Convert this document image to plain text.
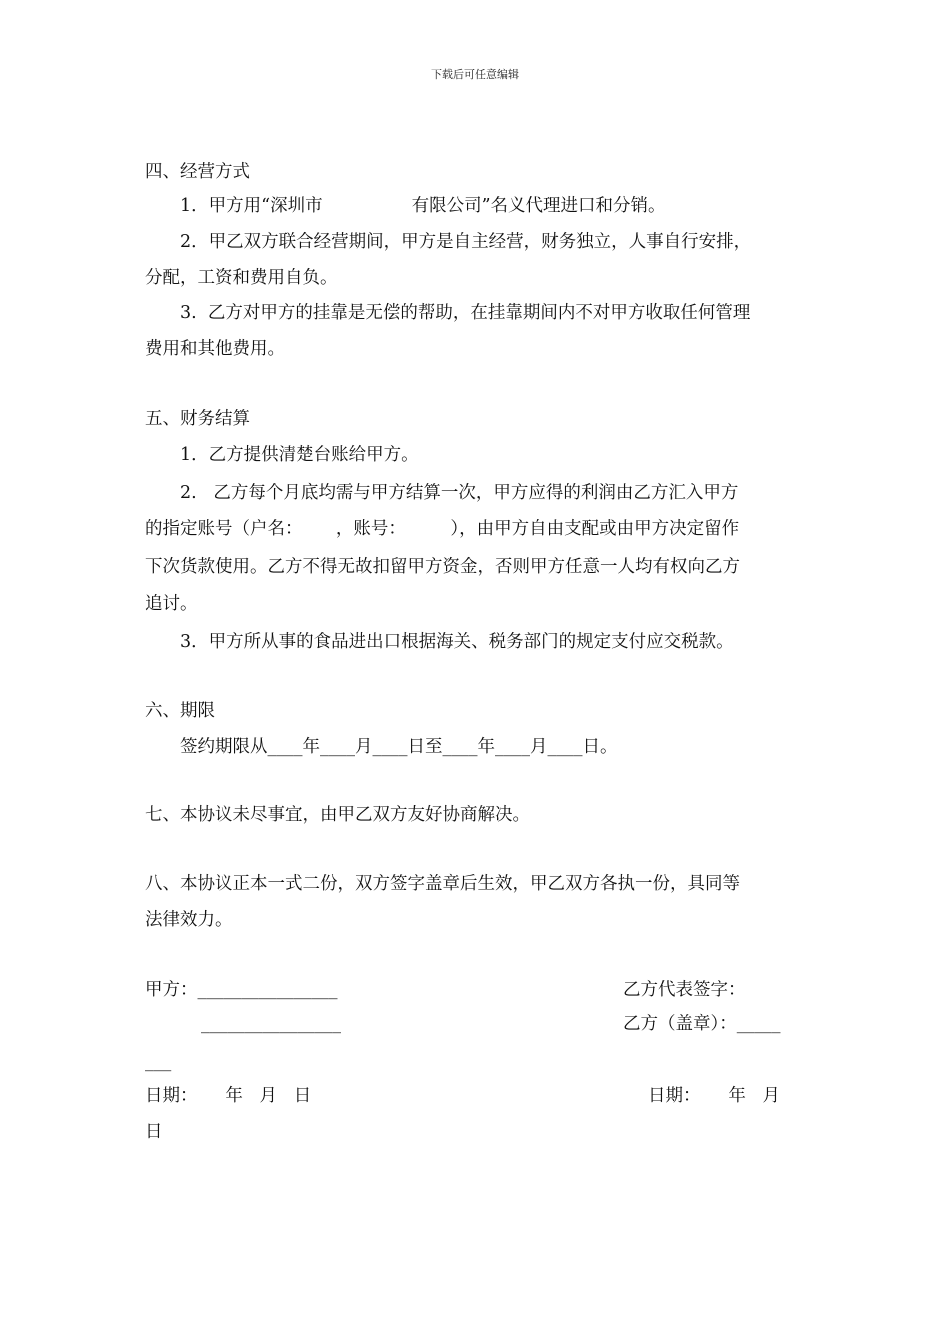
下载后可任意编辑
四、经营方式
1．甲方用“深圳市                有限公司”名义代理进口和分销。
2．甲乙双方联合经营期间，甲方是自主经营，财务独立，人事自行安排，
分配，工资和费用自负。
3.  乙方对甲方的挂靠是无偿的帮助，在挂靠期间内不对甲方收取任何管理
费用和其他费用。
五、财务结算
1．乙方提供清楚台账给甲方。
2.   乙方每个月底均需与甲方结算一次，甲方应得的利润由乙方汇入甲方
的指定账号（户名：      ，账号：        ），由甲方自由支配或由甲方决定留作
下次货款使用。乙方不得无故扣留甲方资金，否则甲方任意一人均有权向乙方
追讨。
3．甲方所从事的食品进出口根据海关、税务部门的规定支付应交税款。
六、期限
签约期限从____年____月____日至____年____月____日。
七、本协议未尽事宜，由甲乙双方友好协商解决。
八、本协议正本一式二份，双方签字盖章后生效，甲乙双方各执一份，具同等
法律效力。
甲方：________________	乙方代表签字：
________________	乙方（盖章）：_____
___
日期：     年   月   日	日期：     年   月
日
